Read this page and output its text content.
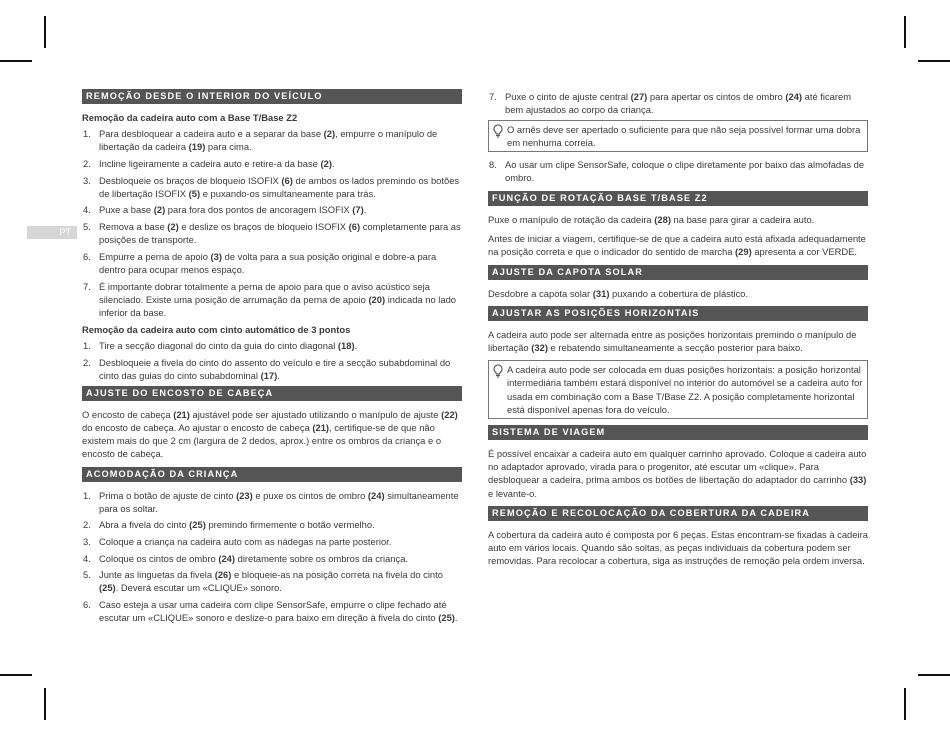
PT
REMOÇÃO DESDE O INTERIOR DO VEÍCULO
Remoção da cadeira auto com a Base T/Base Z2
1. Para desbloquear a cadeira auto e a separar da base (2), empurre o manípulo de libertação da cadeira (19) para cima.
2. Incline ligeiramente a cadeira auto e retire-a da base (2).
3. Desbloqueie os braços de bloqueio ISOFIX (6) de ambos os lados premindo os botões de libertação ISOFIX (5) e puxando-os simultaneamente para trás.
4. Puxe a base (2) para fora dos pontos de ancoragem ISOFIX (7).
5. Remova a base (2) e deslize os braços de bloqueio ISOFIX (6) completamente para as posições de transporte.
6. Empurre a perna de apoio (3) de volta para a sua posição original e dobre-a para dentro para ocupar menos espaço.
7. É importante dobrar totalmente a perna de apoio para que o aviso acústico seja silenciado. Existe uma posição de arrumação da perna de apoio (20) indicada no lado inferior da base.
Remoção da cadeira auto com cinto automático de 3 pontos
1. Tire a secção diagonal do cinto da guia do cinto diagonal (18).
2. Desbloqueie a fivela do cinto do assento do veículo e tire a secção subabdominal do cinto das guias do cinto subabdominal (17).
AJUSTE DO ENCOSTO DE CABEÇA

O encosto de cabeça (21) ajustável pode ser ajustado utilizando o manípulo de ajuste (22) do encosto de cabeça. Ao ajustar o encosto de cabeça (21), certifique-se de que não existem mais do que 2 cm (largura de 2 dedos, aprox.) entre os ombros da criança e o encosto de cabeça.

ACOMODAÇÃO DA CRIANÇA
1. Prima o botão de ajuste de cinto (23) e puxe os cintos de ombro (24) simultaneamente para os soltar.
2. Abra a fivela do cinto (25) premindo firmemente o botão vermelho.
3. Coloque a criança na cadeira auto com as nádegas na parte posterior.
4. Coloque os cintos de ombro (24) diretamente sobre os ombros da criança.
5. Junte as linguetas da fivela (26) e bloqueie-as na posição correta na fivela do cinto (25). Deverá escutar um «CLIQUE» sonoro.
6. Caso esteja a usar uma cadeira com clipe SensorSafe, empurre o clipe fechado até escutar um «CLIQUE» sonoro e deslize-o para baixo em direção à fivela do cinto (25).
7. Puxe o cinto de ajuste central (27) para apertar os cintos de ombro (24) até ficarem bem ajustados ao corpo da criança.
O arnês deve ser apertado o suficiente para que não seja possível formar uma dobra em nenhuma correia.
8. Ao usar um clipe SensorSafe, coloque o clipe diretamente por baixo das almofadas de ombro.
FUNÇÃO DE ROTAÇÃO BASE T/BASE Z2

Puxe o manípulo de rotação da cadeira (28) na base para girar a cadeira auto.

Antes de iniciar a viagem, certifique-se de que a cadeira auto está afixada adequadamente na posição correta e que o indicador do sentido de marcha (29) apresenta a cor VERDE.

AJUSTE DA CAPOTA SOLAR

Desdobre a capota solar (31) puxando a cobertura de plástico.

AJUSTAR AS POSIÇÕES HORIZONTAIS

A cadeira auto pode ser alternada entre as posições horizontais premindo o manípulo de libertação (32) e rebatendo simultaneamente a secção posterior para baixo.

A cadeira auto pode ser colocada em duas posições horizontais: a posição horizontal intermediária também estará disponível no interior do automóvel se a cadeira auto for usada em combinação com a Base T/Base Z2. A posição completamente horizontal está disponível apenas fora do veículo.
SISTEMA DE VIAGEM

É possível encaixar a cadeira auto em qualquer carrinho aprovado. Coloque a cadeira auto no adaptador aprovado, virada para o progenitor, até escutar um «clique». Para desbloquear a cadeira, prima ambos os botões de libertação do adaptador do carrinho (33) e levante-o.

REMOÇÃO E RECOLOCAÇÃO DA COBERTURA DA CADEIRA

A cobertura da cadeira auto é composta por 6 peças. Estas encontram-se fixadas à cadeira auto em vários locais. Quando são soltas, as peças individuais da cobertura podem ser removidas. Para recolocar a cobertura, siga as instruções de remoção pela ordem inversa.
